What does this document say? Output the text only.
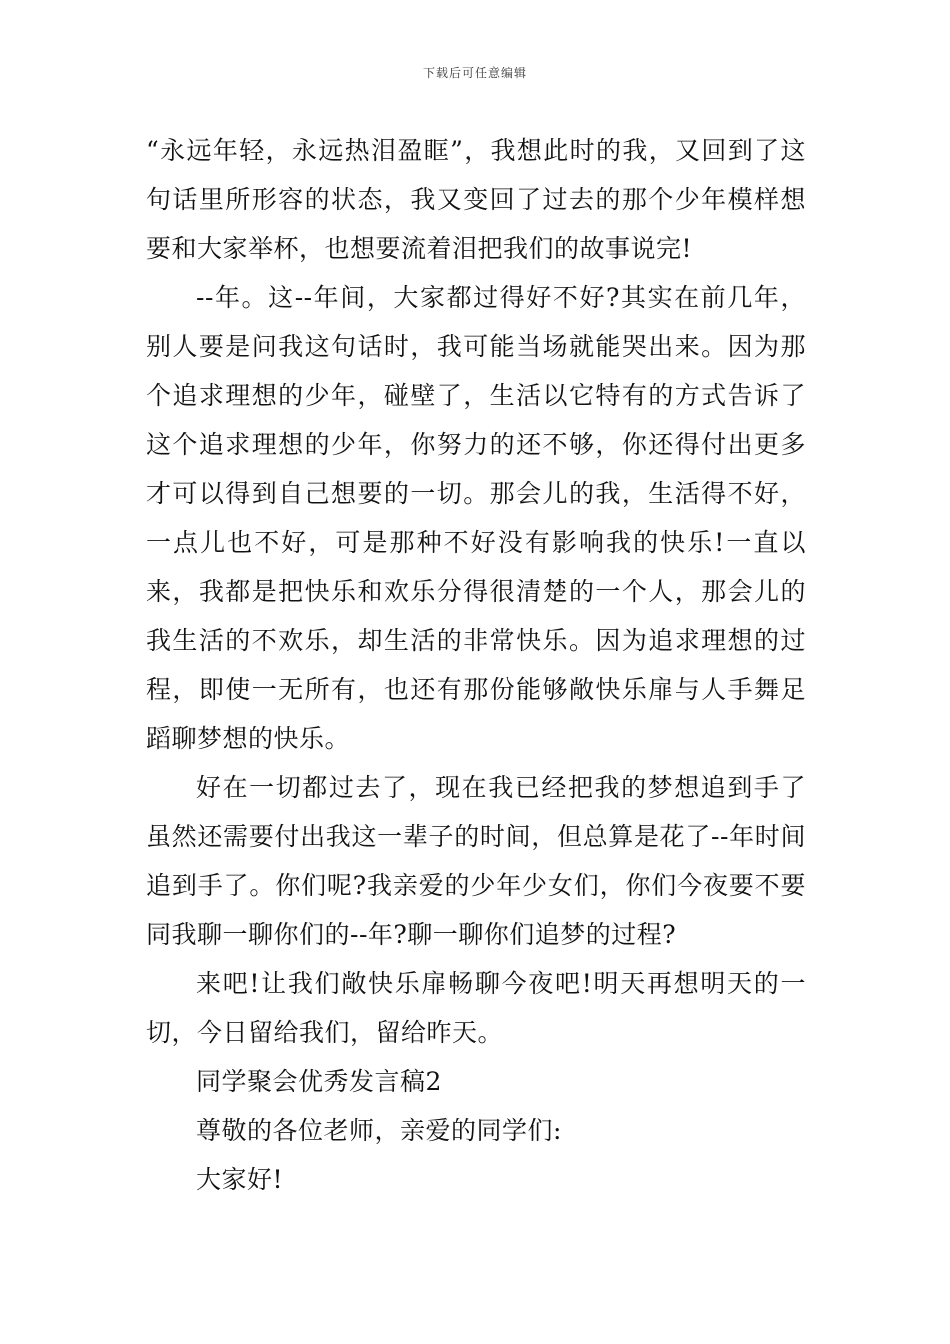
下载后可任意编辑

“永远年轻，永远热泪盈眶”，我想此时的我，又回到了这句话里所形容的状态，我又变回了过去的那个少年模样想要和大家举杯，也想要流着泪把我们的故事说完!

--年。这--年间，大家都过得好不好?其实在前几年，别人要是问我这句话时，我可能当场就能哭出来。因为那个追求理想的少年，碰壁了，生活以它特有的方式告诉了这个追求理想的少年，你努力的还不够，你还得付出更多才可以得到自己想要的一切。那会儿的我，生活得不好，一点儿也不好，可是那种不好没有影响我的快乐!一直以来，我都是把快乐和欢乐分得很清楚的一个人，那会儿的我生活的不欢乐，却生活的非常快乐。因为追求理想的过程，即使一无所有，也还有那份能够敞快乐扉与人手舞足蹈聊梦想的快乐。

好在一切都过去了，现在我已经把我的梦想追到手了虽然还需要付出我这一辈子的时间，但总算是花了--年时间追到手了。你们呢?我亲爱的少年少女们，你们今夜要不要同我聊一聊你们的--年?聊一聊你们追梦的过程?

来吧!让我们敞快乐扉畅聊今夜吧!明天再想明天的一切，今日留给我们，留给昨天。

同学聚会优秀发言稿2

尊敬的各位老师，亲爱的同学们:

大家好!
